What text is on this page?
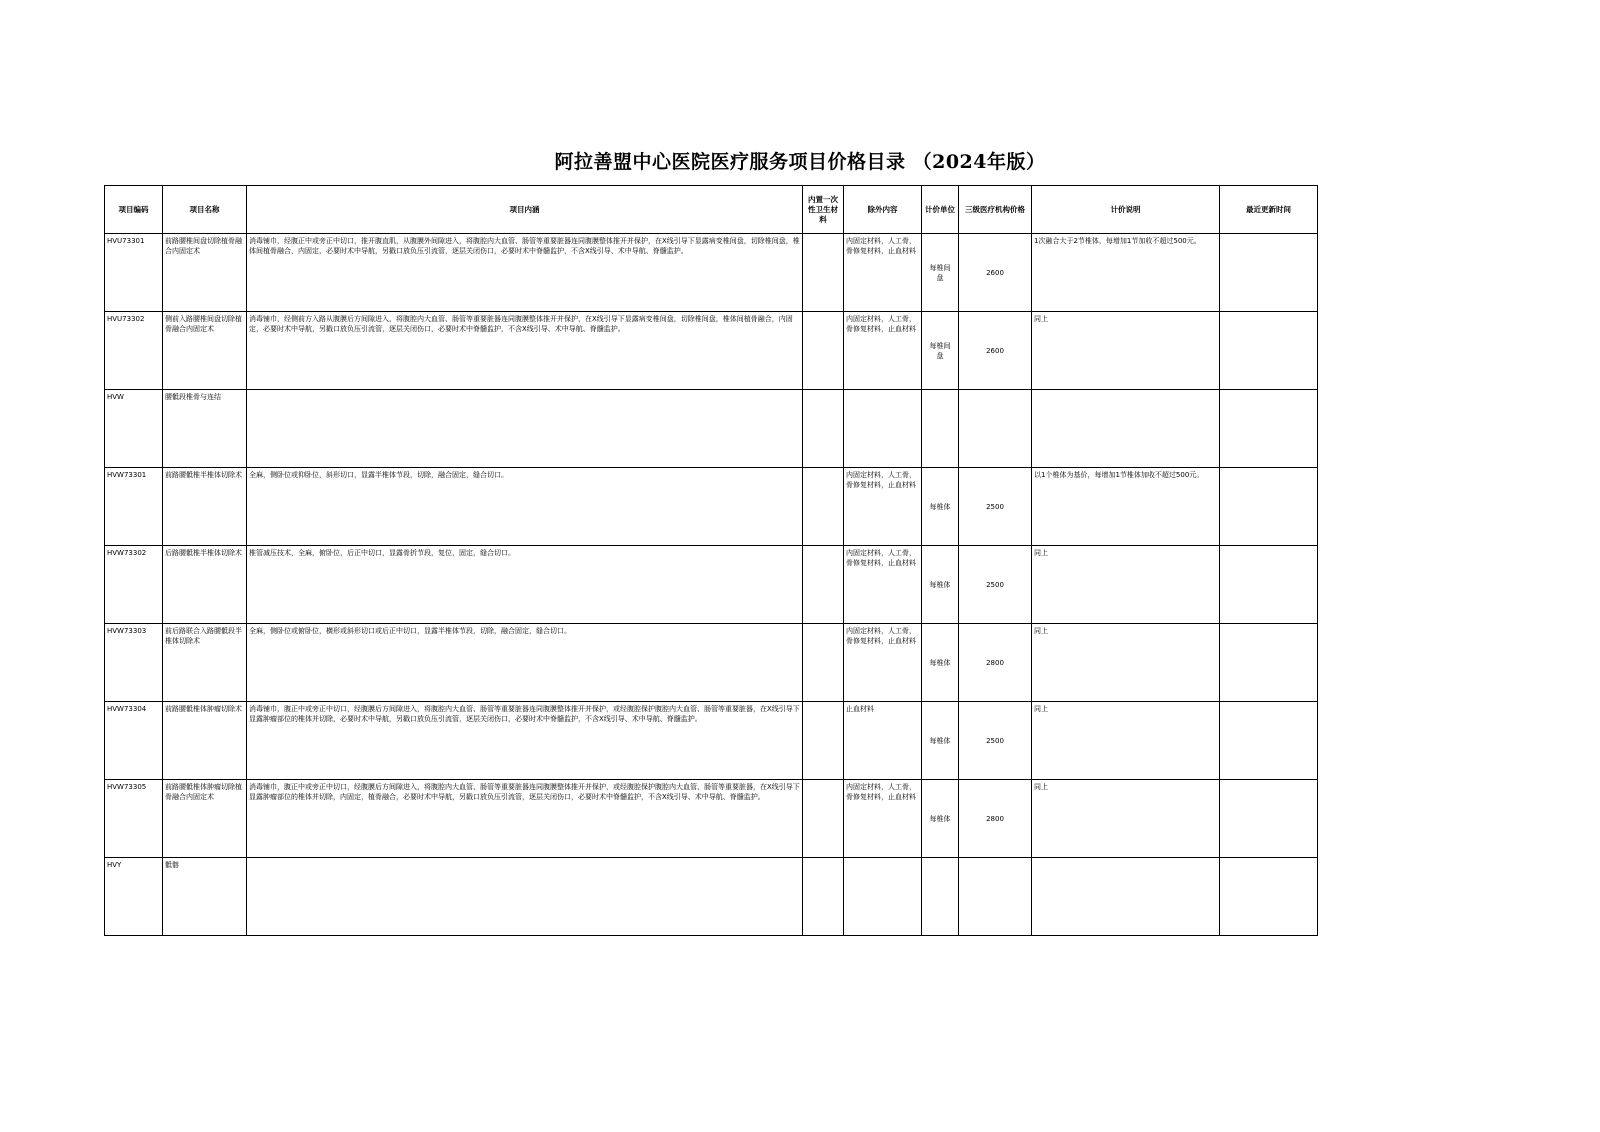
阿拉善盟中心医院医疗服务项目价格目录 （2024年版）
项目编码	项目名称	项目内涵	内置一次性卫生材料	除外内容	计价单位	三级医疗机构价格	计价说明	最近更新时间
HVU73301	前路腰椎间盘切除植骨融合内固定术	消毒铺巾，经腹正中或旁正中切口，推开腹直肌，从腹膜外间隙进入，将腹腔内大血管、肠管等重要脏器连同腹膜整体推开并保护，在X线引导下显露病变椎间盘，切除椎间盘，椎体间植骨融合，内固定，必要时术中导航，另戳口放负压引流管，逐层关闭伤口，必要时术中脊髓监护，不含X线引导、术中导航、脊髓监护。		内固定材料，人工骨，骨修复材料，止血材料	每椎间盘	2600	1次融合大于2节椎体，每增加1节加收不超过500元。	
HVU73302	侧前入路腰椎间盘切除植骨融合内固定术	消毒铺巾，经侧前方入路从腹膜后方间隙进入，将腹腔内大血管、肠管等重要脏器连同腹膜整体推开并保护，在X线引导下显露病变椎间盘，切除椎间盘，椎体间植骨融合，内固定，必要时术中导航，另戳口放负压引流管，逐层关闭伤口，必要时术中脊髓监护，不含X线引导、术中导航、脊髓监护。		内固定材料，人工骨，骨修复材料，止血材料	每椎间盘	2600	同上	
HVW	腰骶段椎骨与连结							
HVW73301	前路腰骶椎半椎体切除术	全麻，侧卧位或仰卧位，斜形切口，显露半椎体节段，切除，融合固定，缝合切口。		内固定材料，人工骨，骨修复材料，止血材料	每椎体	2500	以1个椎体为基价，每增加1节椎体加收不超过500元。	
HVW73302	后路腰骶椎半椎体切除术	椎管减压技术，全麻，俯卧位，后正中切口，显露骨折节段，复位，固定，缝合切口。		内固定材料，人工骨，骨修复材料，止血材料	每椎体	2500	同上	
HVW73303	前后路联合入路腰骶段半椎体切除术	全麻，侧卧位或俯卧位，横形或斜形切口或后正中切口，显露半椎体节段，切除，融合固定，缝合切口。		内固定材料，人工骨，骨修复材料，止血材料	每椎体	2800	同上	
HVW73304	前路腰骶椎体肿瘤切除术	消毒铺巾，腹正中或旁正中切口，经腹膜后方间隙进入，将腹腔内大血管、肠管等重要脏器连同腹膜整体推开并保护，或经腹腔保护腹腔内大血管、肠管等重要脏器，在X线引导下显露肿瘤部位的椎体并切除，必要时术中导航，另戳口放负压引流管，逐层关闭伤口，必要时术中脊髓监护，不含X线引导、术中导航、脊髓监护。		止血材料	每椎体	2500	同上	
HVW73305	前路腰骶椎体肿瘤切除植骨融合内固定术	消毒铺巾，腹正中或旁正中切口，经腹膜后方间隙进入，将腹腔内大血管、肠管等重要脏器连同腹膜整体推开并保护，或经腹腔保护腹腔内大血管、肠管等重要脏器，在X线引导下显露肿瘤部位的椎体并切除，内固定，植骨融合，必要时术中导航，另戳口放负压引流管，逐层关闭伤口，必要时术中脊髓监护，不含X线引导、术中导航、脊髓监护。		内固定材料，人工骨，骨修复材料，止血材料	每椎体	2800	同上	
HVY	骶髂							
